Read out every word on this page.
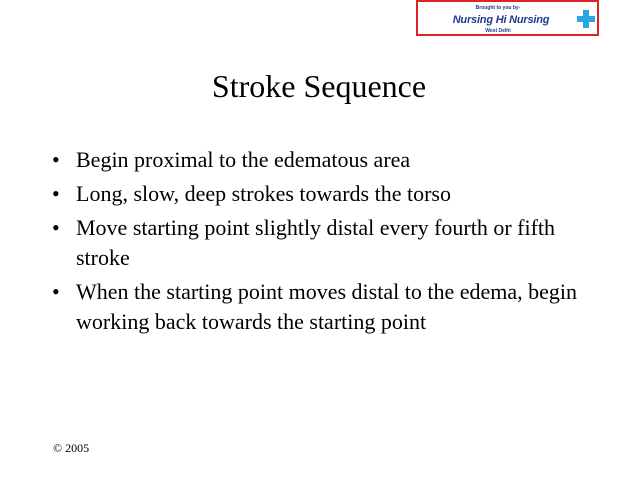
Brought to you by-
Nursing Hi Nursing
West Delhi
Stroke Sequence
• Begin proximal to the edematous area
• Long, slow, deep strokes towards the torso
• Move starting point slightly distal every fourth or fifth stroke
• When the starting point moves distal to the edema, begin working back towards the starting point
© 2005
